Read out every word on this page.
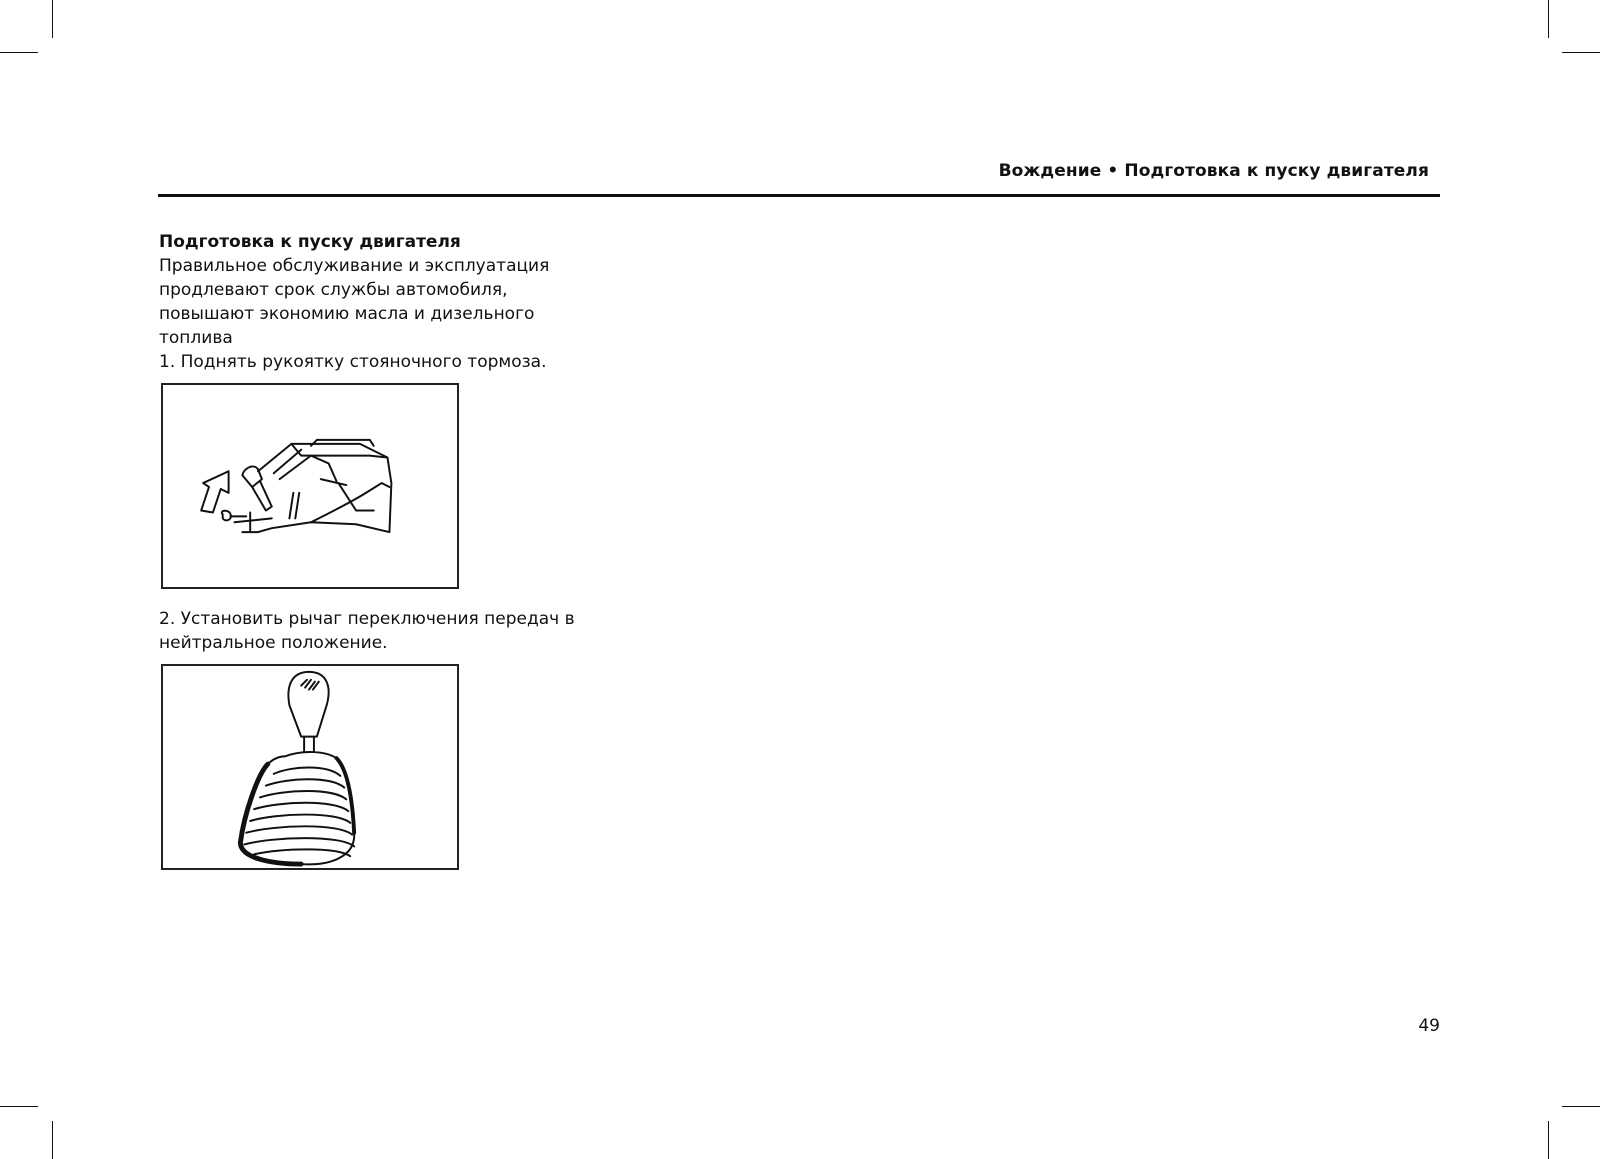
Вождение • Подготовка к пуску двигателя
Подготовка к пуску двигателя

Правильное обслуживание и эксплуатация продлевают срок службы автомобиля, повышают экономию масла и дизельного топлива

1. Поднять рукоятку стояночного тормоза.

2. Установить рычаг переключения передач в нейтральное положение.

49
